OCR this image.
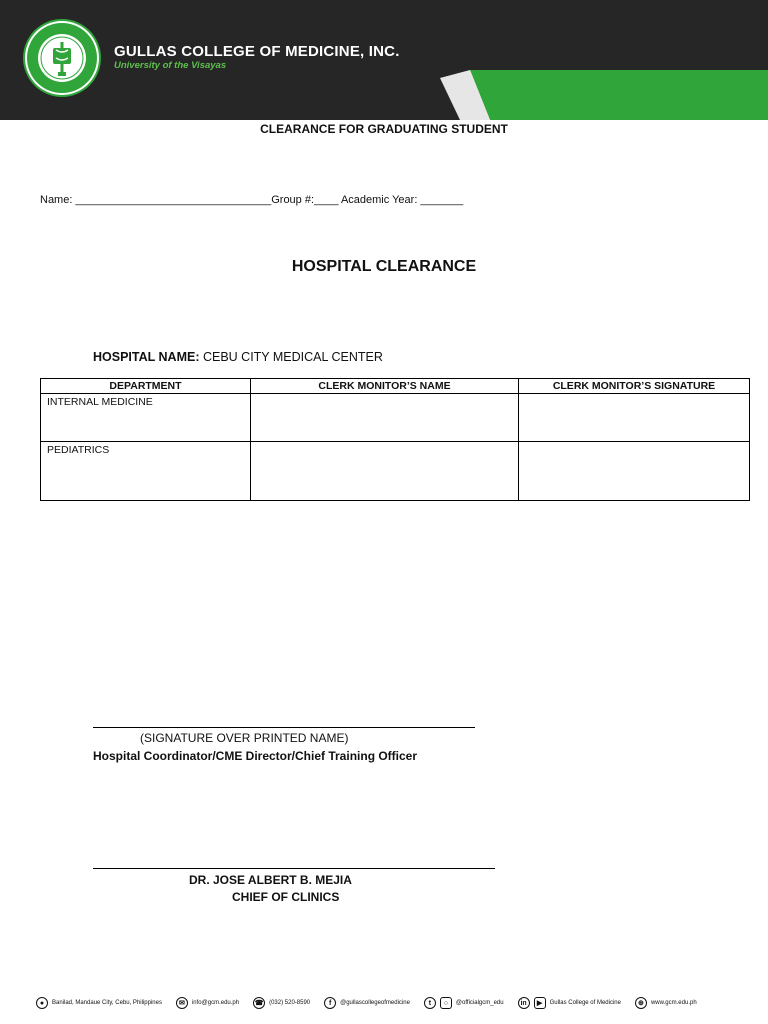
GULLAS COLLEGE OF MEDICINE, INC.
University of the Visayas
CLEARANCE FOR GRADUATING STUDENT
Name: ________________________________Group #:____ Academic Year: _______
HOSPITAL CLEARANCE
HOSPITAL NAME: CEBU CITY MEDICAL CENTER
DEPARTMENT	CLERK MONITOR’S NAME	CLERK MONITOR’S SIGNATURE
INTERNAL MEDICINE		
PEDIATRICS		
(SIGNATURE OVER PRINTED NAME)
Hospital Coordinator/CME Director/Chief Training Officer
DR. JOSE ALBERT B. MEJIA
CHIEF OF CLINICS
●	Banilad, Mandaue City, Cebu, Philippines	✉	info@gcm.edu.ph ☎ (032) 520-8590	f	@gullascollegeofmedicine	t	○	@officialgcm_edu	in	▶	Gullas College of Medicine	⊕	www.gcm.edu.ph
